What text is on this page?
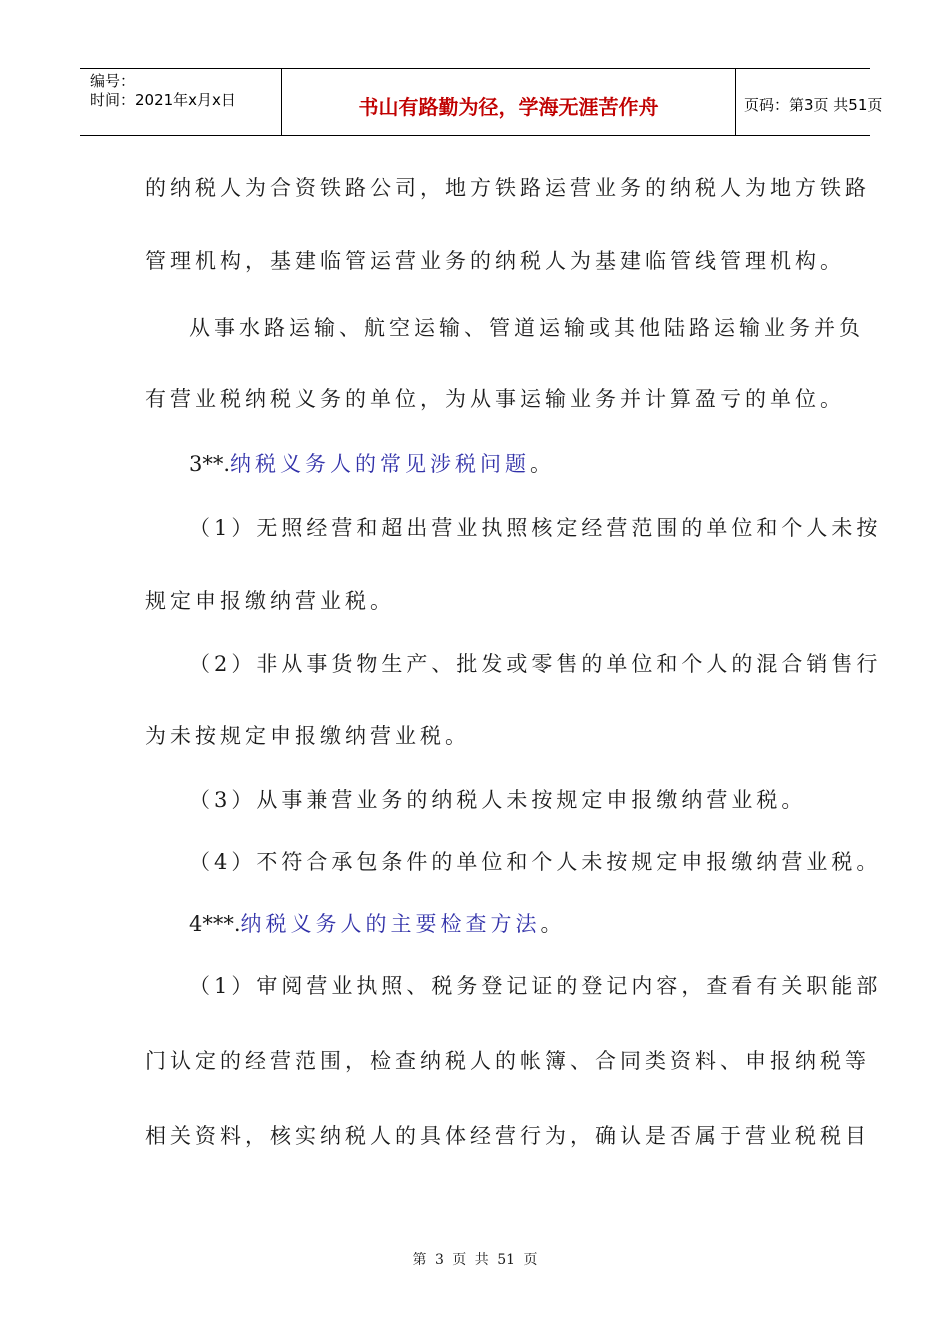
编号：
时间：2021年x月x日	书山有路勤为径，学海无涯苦作舟	页码：第3页 共51页
的纳税人为合资铁路公司，地方铁路运营业务的纳税人为地方铁路
管理机构，基建临管运营业务的纳税人为基建临管线管理机构。
从事水路运输、航空运输、管道运输或其他陆路运输业务并负
有营业税纳税义务的单位，为从事运输业务并计算盈亏的单位。
3**.纳税义务人的常见涉税问题。
（1）无照经营和超出营业执照核定经营范围的单位和个人未按
规定申报缴纳营业税。
（2）非从事货物生产、批发或零售的单位和个人的混合销售行
为未按规定申报缴纳营业税。
（3）从事兼营业务的纳税人未按规定申报缴纳营业税。
（4）不符合承包条件的单位和个人未按规定申报缴纳营业税。
4***.纳税义务人的主要检查方法。
（1）审阅营业执照、税务登记证的登记内容，查看有关职能部
门认定的经营范围，检查纳税人的帐簿、合同类资料、申报纳税等
相关资料，核实纳税人的具体经营行为，确认是否属于营业税税目
第 3 页 共 51 页
